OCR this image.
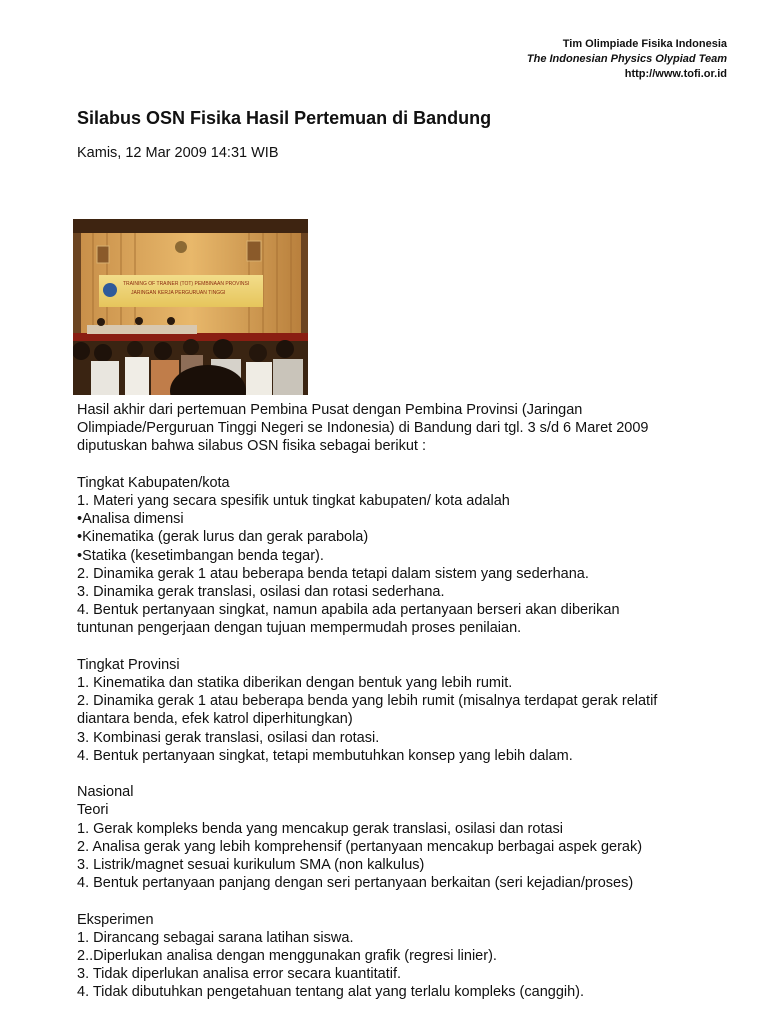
Tim Olimpiade Fisika Indonesia
The Indonesian Physics Olypiad Team
http://www.tofi.or.id
Silabus OSN Fisika Hasil Pertemuan di Bandung
Kamis, 12 Mar 2009 14:31 WIB
TRAINING OF TRAINER (TOT) PEMBINAAN PROVINSI
JARINGAN KERJA PERGURUAN TINGGI
Hasil akhir dari pertemuan Pembina Pusat dengan Pembina Provinsi (Jaringan
Olimpiade/Perguruan Tinggi Negeri se Indonesia) di Bandung dari tgl. 3 s/d 6 Maret 2009
diputuskan bahwa silabus OSN fisika sebagai berikut :
Tingkat Kabupaten/kota
1. Materi yang secara spesifik untuk tingkat kabupaten/ kota adalah
•Analisa dimensi
•Kinematika (gerak lurus dan gerak parabola)
•Statika (kesetimbangan benda tegar).
2. Dinamika gerak 1 atau beberapa benda tetapi dalam sistem yang sederhana.
3. Dinamika gerak translasi, osilasi dan rotasi sederhana.
4. Bentuk pertanyaan singkat, namun apabila ada pertanyaan berseri akan diberikan
tuntunan pengerjaan dengan tujuan mempermudah proses penilaian.
Tingkat Provinsi
1. Kinematika dan statika diberikan dengan bentuk yang lebih rumit.
2. Dinamika gerak 1 atau beberapa benda yang lebih rumit (misalnya terdapat gerak relatif
diantara benda, efek katrol diperhitungkan)
3. Kombinasi gerak translasi, osilasi dan rotasi.
4. Bentuk pertanyaan singkat, tetapi membutuhkan konsep yang lebih dalam.
Nasional
Teori
1. Gerak kompleks benda yang mencakup gerak translasi, osilasi dan rotasi
2. Analisa gerak yang lebih komprehensif (pertanyaan mencakup berbagai aspek gerak)
3. Listrik/magnet sesuai kurikulum SMA (non kalkulus)
4. Bentuk pertanyaan panjang dengan seri pertanyaan berkaitan (seri kejadian/proses)
Eksperimen
1. Dirancang sebagai sarana latihan siswa.
2..Diperlukan analisa dengan menggunakan grafik (regresi linier).
3. Tidak diperlukan analisa error secara kuantitatif.
4. Tidak dibutuhkan pengetahuan tentang alat yang terlalu kompleks (canggih).
